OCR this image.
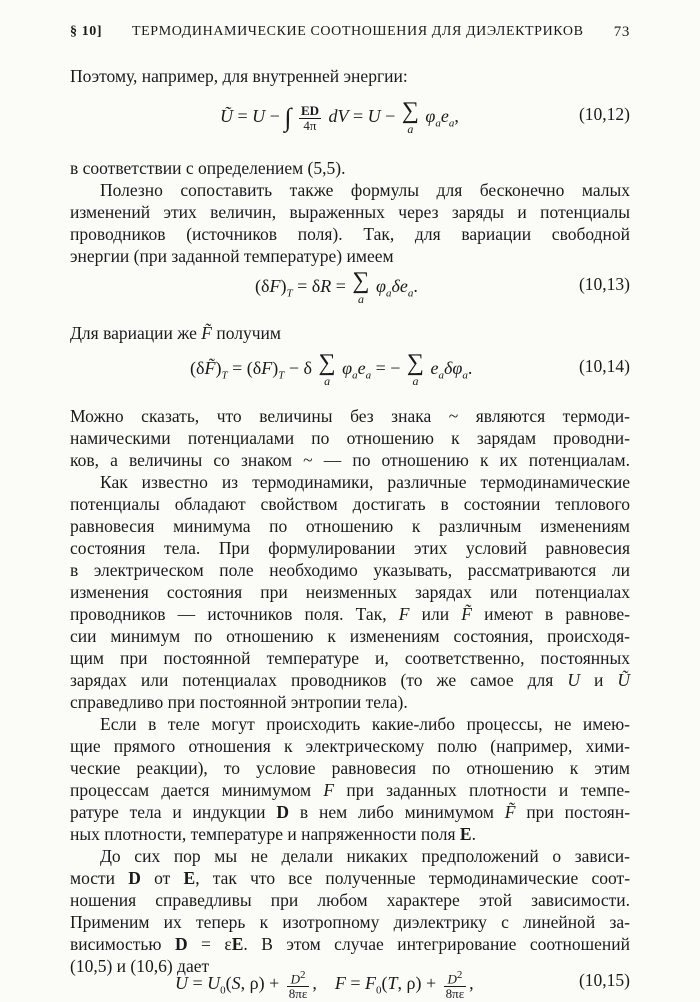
§ 10] ТЕРМОДИНАМИЧЕСКИЕ СООТНОШЕНИЯ ДЛЯ ДИЭЛЕКТРИКОВ 73
Поэтому, например, для внутренней энергии:
Ũ = U − ∫ $\frac{ED}{4\pi}$ dV = U − ∑
a
$\varphi_ae_a$,	(10,12)
в соответствии с определением (5,5).
Полезно сопоставить также формулы для бесконечно малых
изменений этих величин, выраженных через заряды и потенциалы
проводников (источников поля). Так, для вариации свободной
энергии (при заданной температуре) имеем
$(\delta F)_T = \delta R$ = ∑
a
$\varphi_a\delta e_a$.	(10,13)
Для вариации же F̃ получим
$(\delta F̃)_T = (\delta F)_T - \delta$ ∑
a
$\varphi_ae_a$ = − ∑
a
$e_a\delta\varphi_a$.	(10,14)
Можно сказать, что величины без знака ~ являются термоди-
намическими потенциалами по отношению к зарядам проводни-
ков, а величины со знаком ~ — по отношению к их потенциалам.
Как известно из термодинамики, различные термодинамические
потенциалы обладают свойством достигать в состоянии теплового
равновесия минимума по отношению к различным изменениям
состояния тела. При формулировании этих условий равновесия
в электрическом поле необходимо указывать, рассматриваются ли
изменения состояния при неизменных зарядах или потенциалах
проводников — источников поля. Так, F или F̃ имеют в равнове-
сии минимум по отношению к изменениям состояния, происходя-
щим при постоянной температуре и, соответственно, постоянных
зарядах или потенциалах проводников (то же самое для U и Ũ
справедливо при постоянной энтропии тела).
Если в теле могут происходить какие-либо процессы, не имею-
щие прямого отношения к электрическому полю (например, хими-
ческие реакции), то условие равновесия по отношению к этим
процессам дается минимумом F при заданных плотности и темпе-
ратуре тела и индукции D в нем либо минимумом F̃ при постоян-
ных плотности, температуре и напряженности поля E.
До сих пор мы не делали никаких предположений о зависи-
мости D от E, так что все полученные термодинамические соот-
ношения справедливы при любом характере этой зависимости.
Применим их теперь к изотропному диэлектрику с линейной за-
висимостью D = εE. В этом случае интегрирование соотношений
(10,5) и (10,6) дает
$U = U_0(S$, $\rho) + \frac{D^2}{8\pi\varepsilon}$ ,    $F = F_0(T$, $\rho) + \frac{D^2}{8\pi\varepsilon}$ ,	(10,15)
